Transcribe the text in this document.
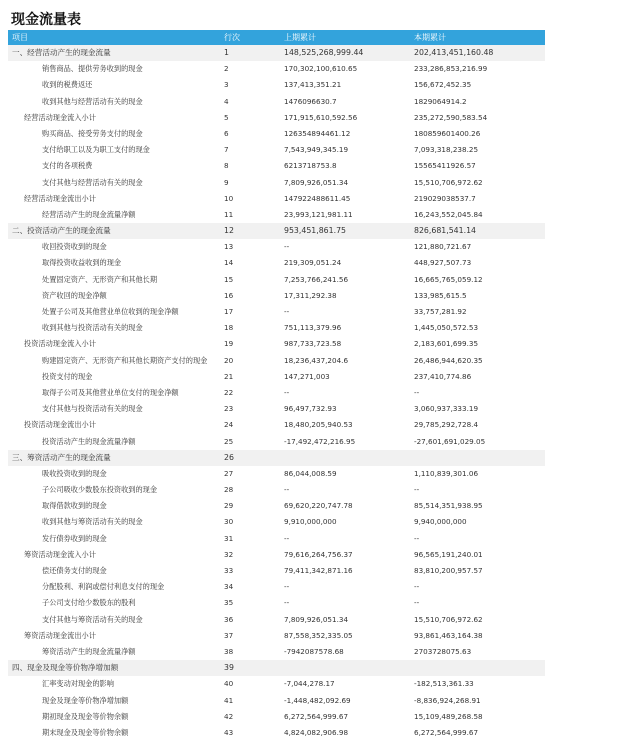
现金流量表
项目	行次	上期累计	本期累计
一、经营活动产生的现金流量	1	148,525,268,999.44	202,413,451,160.48
销售商品、提供劳务收到的现金	2	170,302,100,610.65	233,286,853,216.99
收到的税费返还	3	137,413,351.21	156,672,452.35
收到其他与经营活动有关的现金	4	1476096630.7	1829064914.2
经营活动现金流入小计	5	171,915,610,592.56	235,272,590,583.54
购买商品、接受劳务支付的现金	6	126354894461.12	180859601400.26
支付给职工以及为职工支付的现金	7	7,543,949,345.19	7,093,318,238.25
支付的各项税费	8	6213718753.8	15565411926.57
支付其他与经营活动有关的现金	9	7,809,926,051.34	15,510,706,972.62
经营活动现金流出小计	10	147922488611.45	219029038537.7
经营活动产生的现金流量净额	11	23,993,121,981.11	16,243,552,045.84
二、投资活动产生的现金流量	12	953,451,861.75	826,681,541.14
收回投资收到的现金	13	--	121,880,721.67
取得投资收益收到的现金	14	219,309,051.24	448,927,507.73
处置固定资产、无形资产和其他长期	15	7,253,766,241.56	16,665,765,059.12
资产收回的现金净额	16	17,311,292.38	133,985,615.5
处置子公司及其他营业单位收到的现金净额	17	--	33,757,281.92
收到其他与投资活动有关的现金	18	751,113,379.96	1,445,050,572.53
投资活动现金流入小计	19	987,733,723.58	2,183,601,699.35
购建固定资产、无形资产和其他长期资产支付的现金	20	18,236,437,204.6	26,486,944,620.35
投资支付的现金	21	147,271,003	237,410,774.86
取得子公司及其他营业单位支付的现金净额	22	--	--
支付其他与投资活动有关的现金	23	96,497,732.93	3,060,937,333.19
投资活动现金流出小计	24	18,480,205,940.53	29,785,292,728.4
投资活动产生的现金流量净额	25	-17,492,472,216.95	-27,601,691,029.05
三、筹资活动产生的现金流量	26
吸收投资收到的现金	27	86,044,008.59	1,110,839,301.06
子公司吸收少数股东投资收到的现金	28	--	--
取得借款收到的现金	29	69,620,220,747.78	85,514,351,938.95
收到其他与筹资活动有关的现金	30	9,910,000,000	9,940,000,000
发行债券收到的现金	31	--	--
筹资活动现金流入小计	32	79,616,264,756.37	96,565,191,240.01
偿还债务支付的现金	33	79,411,342,871.16	83,810,200,957.57
分配股利、利润或偿付利息支付的现金	34	--	--
子公司支付给少数股东的股利	35	--	--
支付其他与筹资活动有关的现金	36	7,809,926,051.34	15,510,706,972.62
筹资活动现金流出小计	37	87,558,352,335.05	93,861,463,164.38
筹资活动产生的现金流量净额	38	-7942087578.68	2703728075.63
四、现金及现金等价物净增加额	39
汇率变动对现金的影响	40	-7,044,278.17	-182,513,361.33
现金及现金等价物净增加额	41	-1,448,482,092.69	-8,836,924,268.91
期初现金及现金等价物余额	42	6,272,564,999.67	15,109,489,268.58
期末现金及现金等价物余额	43	4,824,082,906.98	6,272,564,999.67
